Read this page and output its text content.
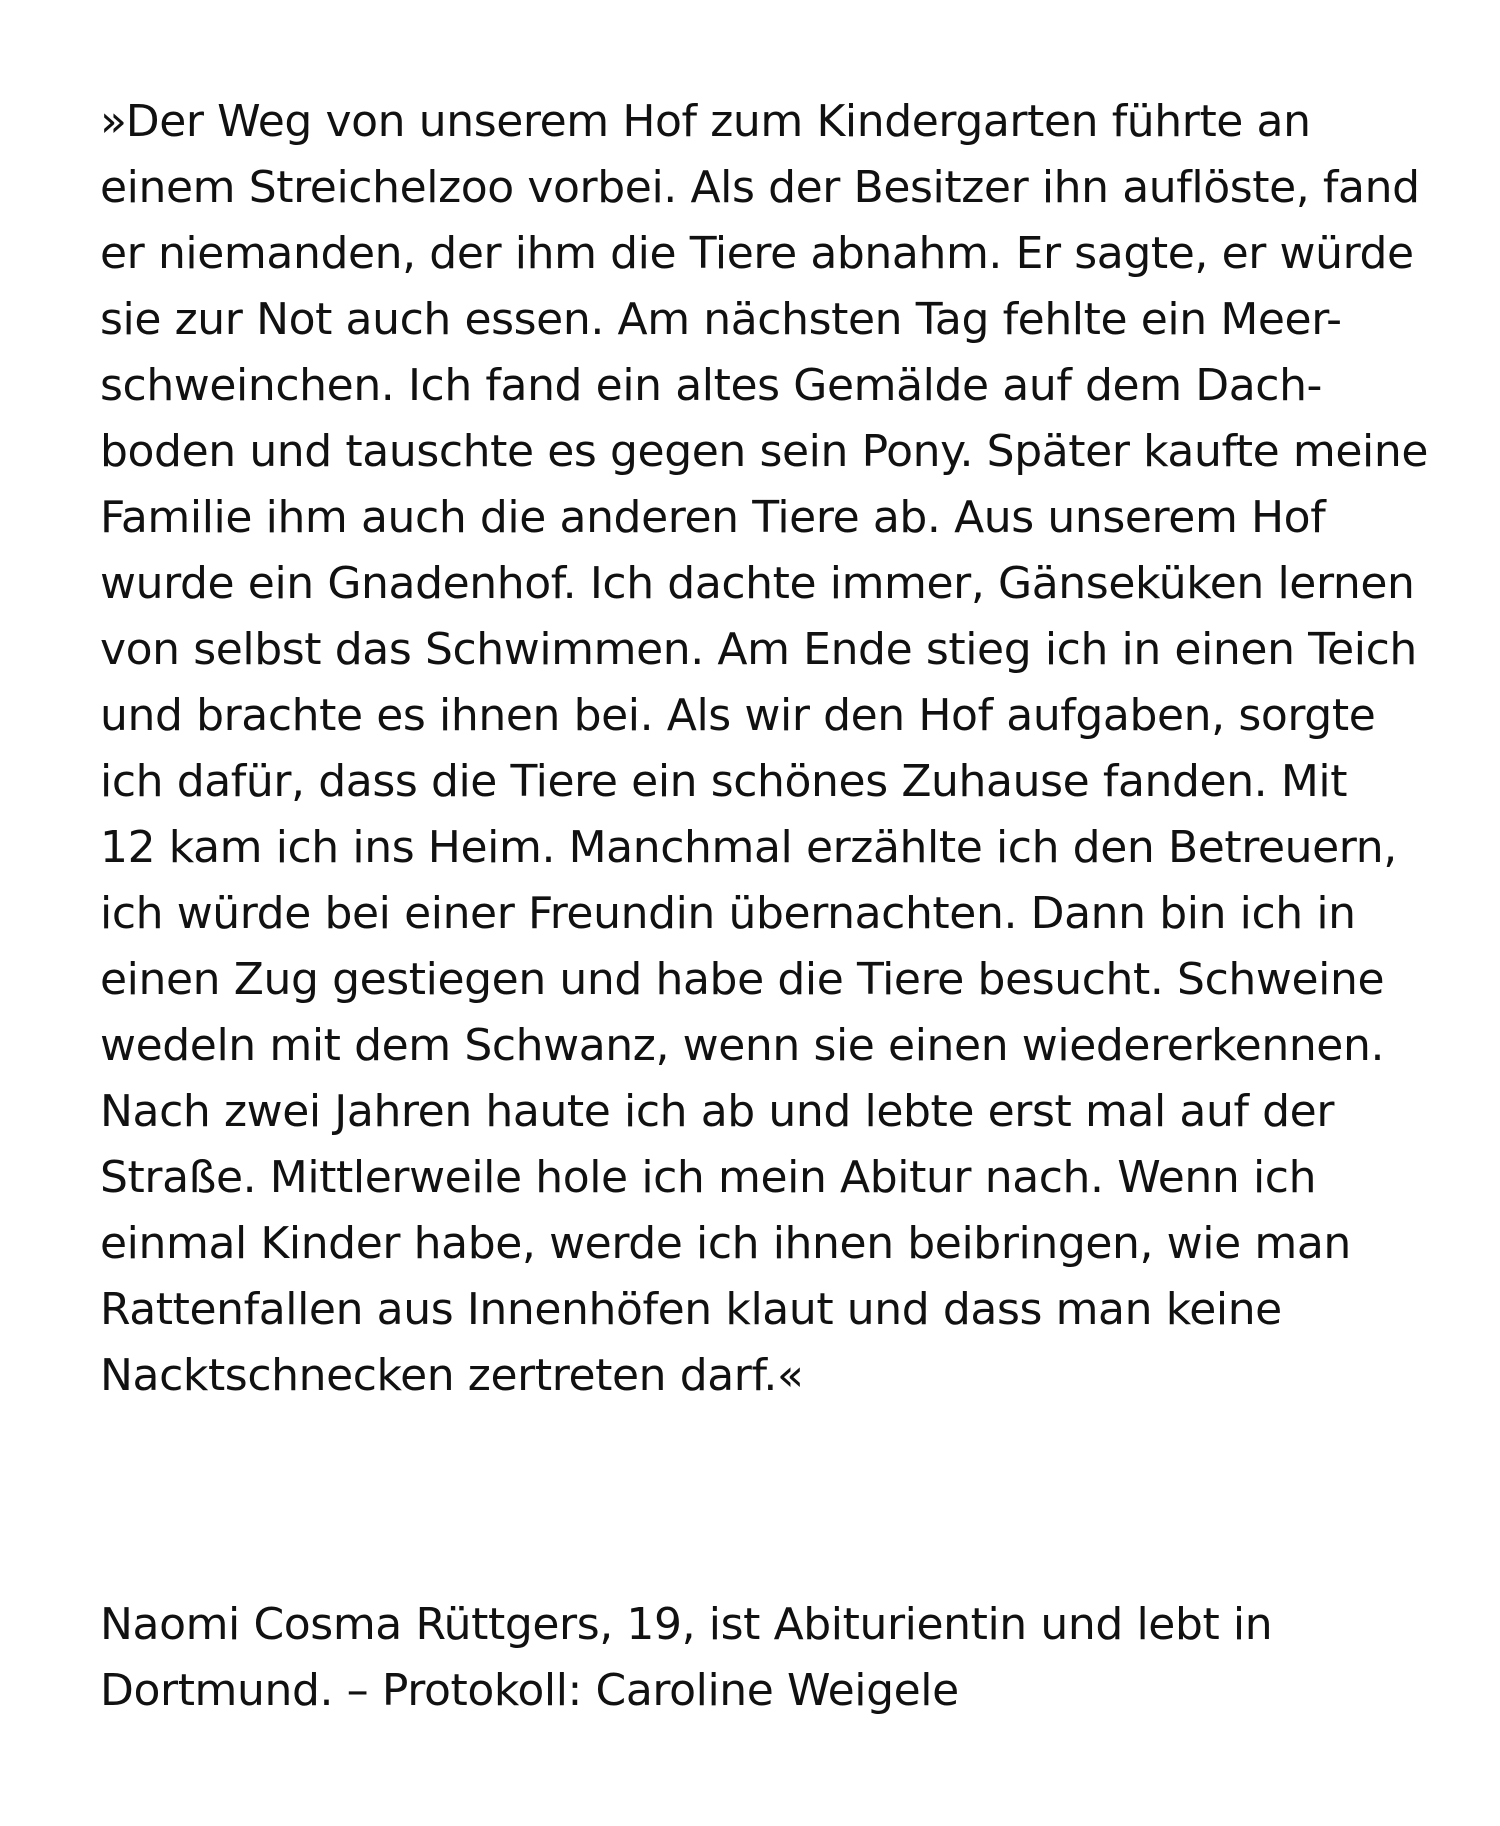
»Der Weg von unserem Hof zum Kindergarten führte an
einem Streichelzoo vorbei. Als der Besitzer ihn auflöste, fand
er niemanden, der ihm die Tiere abnahm. Er sagte, er würde
sie zur Not auch essen. Am nächsten Tag fehlte ein Meer-
schweinchen. Ich fand ein altes Gemälde auf dem Dach-
boden und tauschte es gegen sein Pony. Später kaufte meine
Familie ihm auch die anderen Tiere ab. Aus unserem Hof
wurde ein Gnadenhof. Ich dachte immer, Gänseküken lernen
von selbst das Schwimmen. Am Ende stieg ich in einen Teich
und brachte es ihnen bei. Als wir den Hof aufgaben, sorgte
ich dafür, dass die Tiere ein schönes Zuhause fanden. Mit
12 kam ich ins Heim. Manchmal erzählte ich den Betreuern,
ich würde bei einer Freundin übernachten. Dann bin ich in
einen Zug gestiegen und habe die Tiere besucht. Schweine
wedeln mit dem Schwanz, wenn sie einen wiedererkennen.
Nach zwei Jahren haute ich ab und lebte erst mal auf der
Straße. Mittlerweile hole ich mein Abitur nach. Wenn ich
einmal Kinder habe, werde ich ihnen beibringen, wie man
Rattenfallen aus Innenhöfen klaut und dass man keine
Nacktschnecken zertreten darf.«
Naomi Cosma Rüttgers, 19, ist Abiturientin und lebt in
Dortmund. – Protokoll: Caroline Weigele
